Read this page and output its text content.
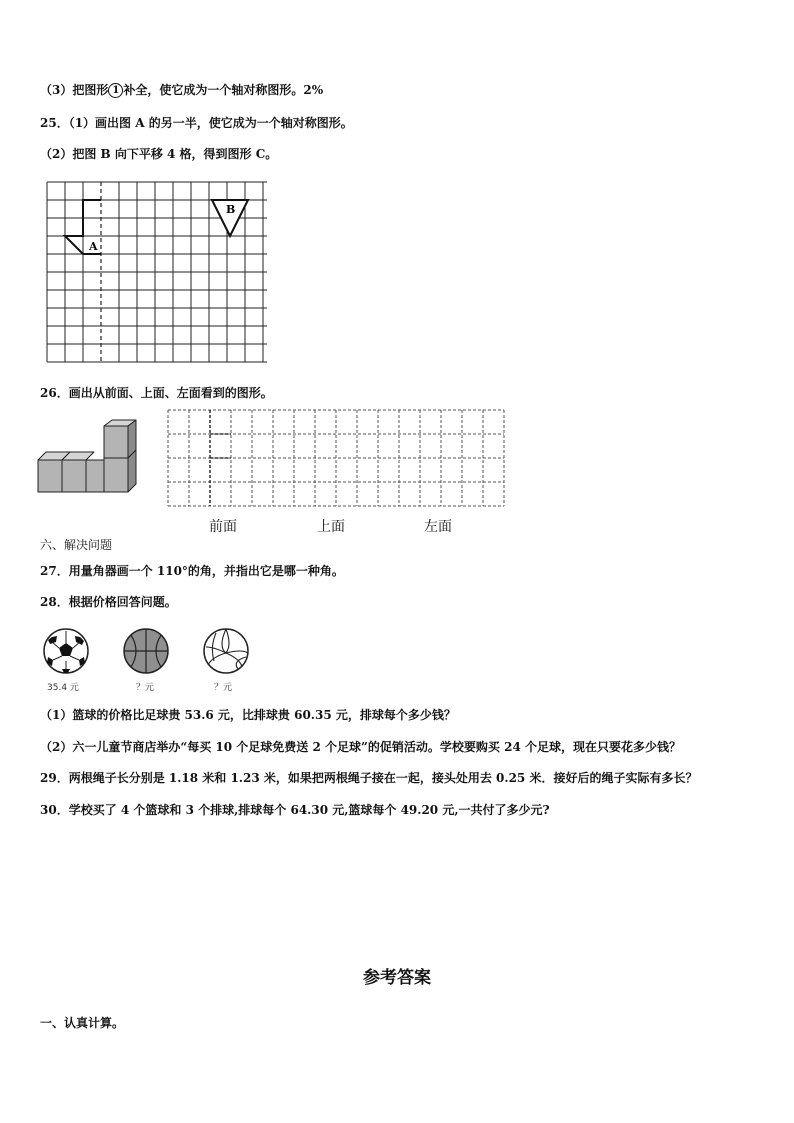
（3）把图形 1 补全，使它成为一个轴对称图形。2%
25．（1）画出图 A 的另一半，使它成为一个轴对称图形。
（2）把图 B 向下平移 4 格，得到图形 C。
A
B
26．画出从前面、上面、左面看到的图形。
前面	上面	左面
六、解决问题
27．用量角器画一个 110°的角，并指出它是哪一种角。
28．根据价格回答问题。
35.4 元	？元	？元
（1）篮球的价格比足球贵 53.6 元，比排球贵 60.35 元，排球每个多少钱？
（2）六一儿童节商店举办“每买 10 个足球免费送 2 个足球”的促销活动。学校要购买 24 个足球，现在只要花多少钱？
29．两根绳子长分别是 1.18 米和 1.23 米，如果把两根绳子接在一起，接头处用去 0.25 米．接好后的绳子实际有多长？
30．学校买了 4 个篮球和 3 个排球,排球每个 64.30 元,篮球每个 49.20 元,一共付了多少元?
参考答案
一、认真计算。
